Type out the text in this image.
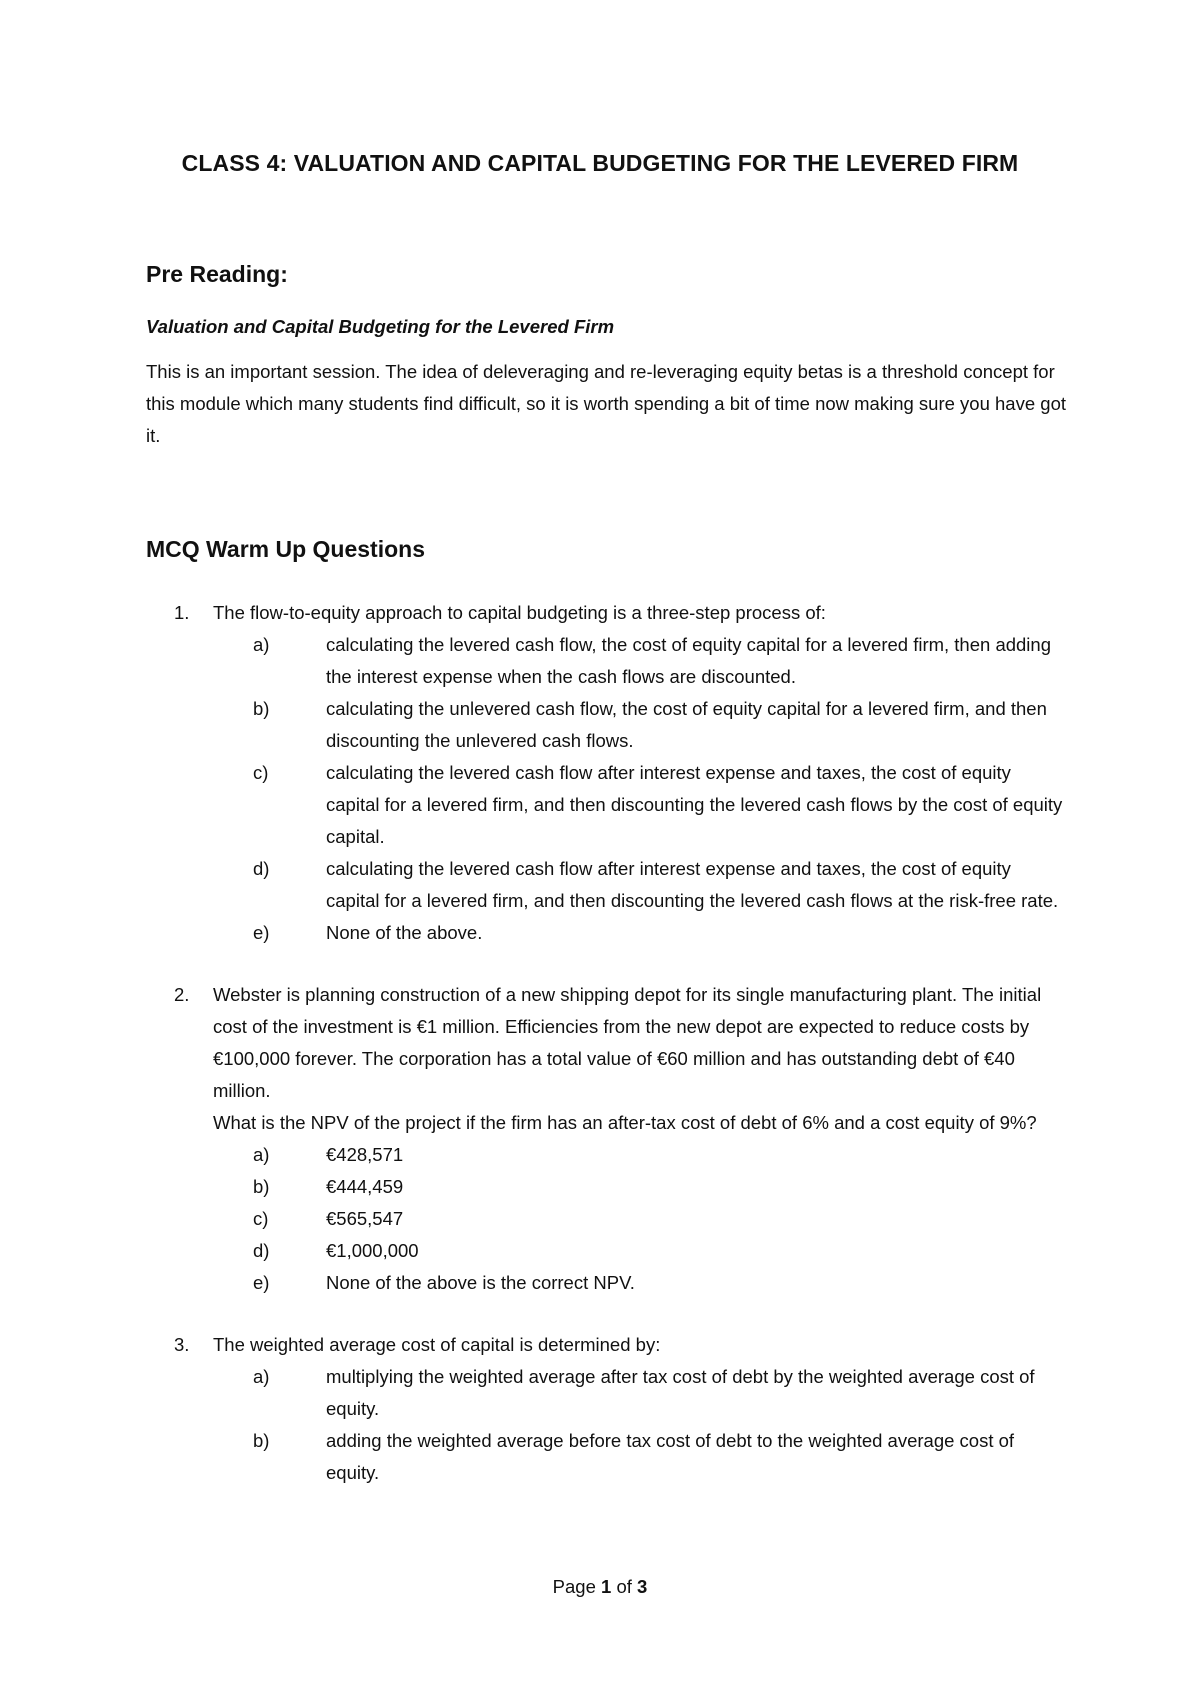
CLASS 4: VALUATION AND CAPITAL BUDGETING FOR THE LEVERED FIRM
Pre Reading:

Valuation and Capital Budgeting for the Levered Firm

This is an important session. The idea of deleveraging and re-leveraging equity betas is a threshold concept for this module which many students find difficult, so it is worth spending a bit of time now making sure you have got it.

MCQ Warm Up Questions
1.	The flow-to-equity approach to capital budgeting is a three-step process of:

a)	calculating the levered cash flow, the cost of equity capital for a levered firm, then adding the interest expense when the cash flows are discounted.
b)	calculating the unlevered cash flow, the cost of equity capital for a levered firm, and then discounting the unlevered cash flows.
c)	calculating the levered cash flow after interest expense and taxes, the cost of equity capital for a levered firm, and then discounting the levered cash flows by the cost of equity capital.
d)	calculating the levered cash flow after interest expense and taxes, the cost of equity capital for a levered firm, and then discounting the levered cash flows at the risk-free rate.
e)	None of the above.
2.	Webster is planning construction of a new shipping depot for its single manufacturing plant. The initial cost of the investment is €1 million. Efficiencies from the new depot are expected to reduce costs by €100,000 forever. The corporation has a total value of €60 million and has outstanding debt of €40 million.

What is the NPV of the project if the firm has an after-tax cost of debt of 6% and a cost equity of 9%?

a)	€428,571
b)	€444,459
c)	€565,547
d)	€1,000,000
e)	None of the above is the correct NPV.
3.	The weighted average cost of capital is determined by:

a)	multiplying the weighted average after tax cost of debt by the weighted average cost of equity.
b)	adding the weighted average before tax cost of debt to the weighted average cost of equity.
Page 1 of 3
